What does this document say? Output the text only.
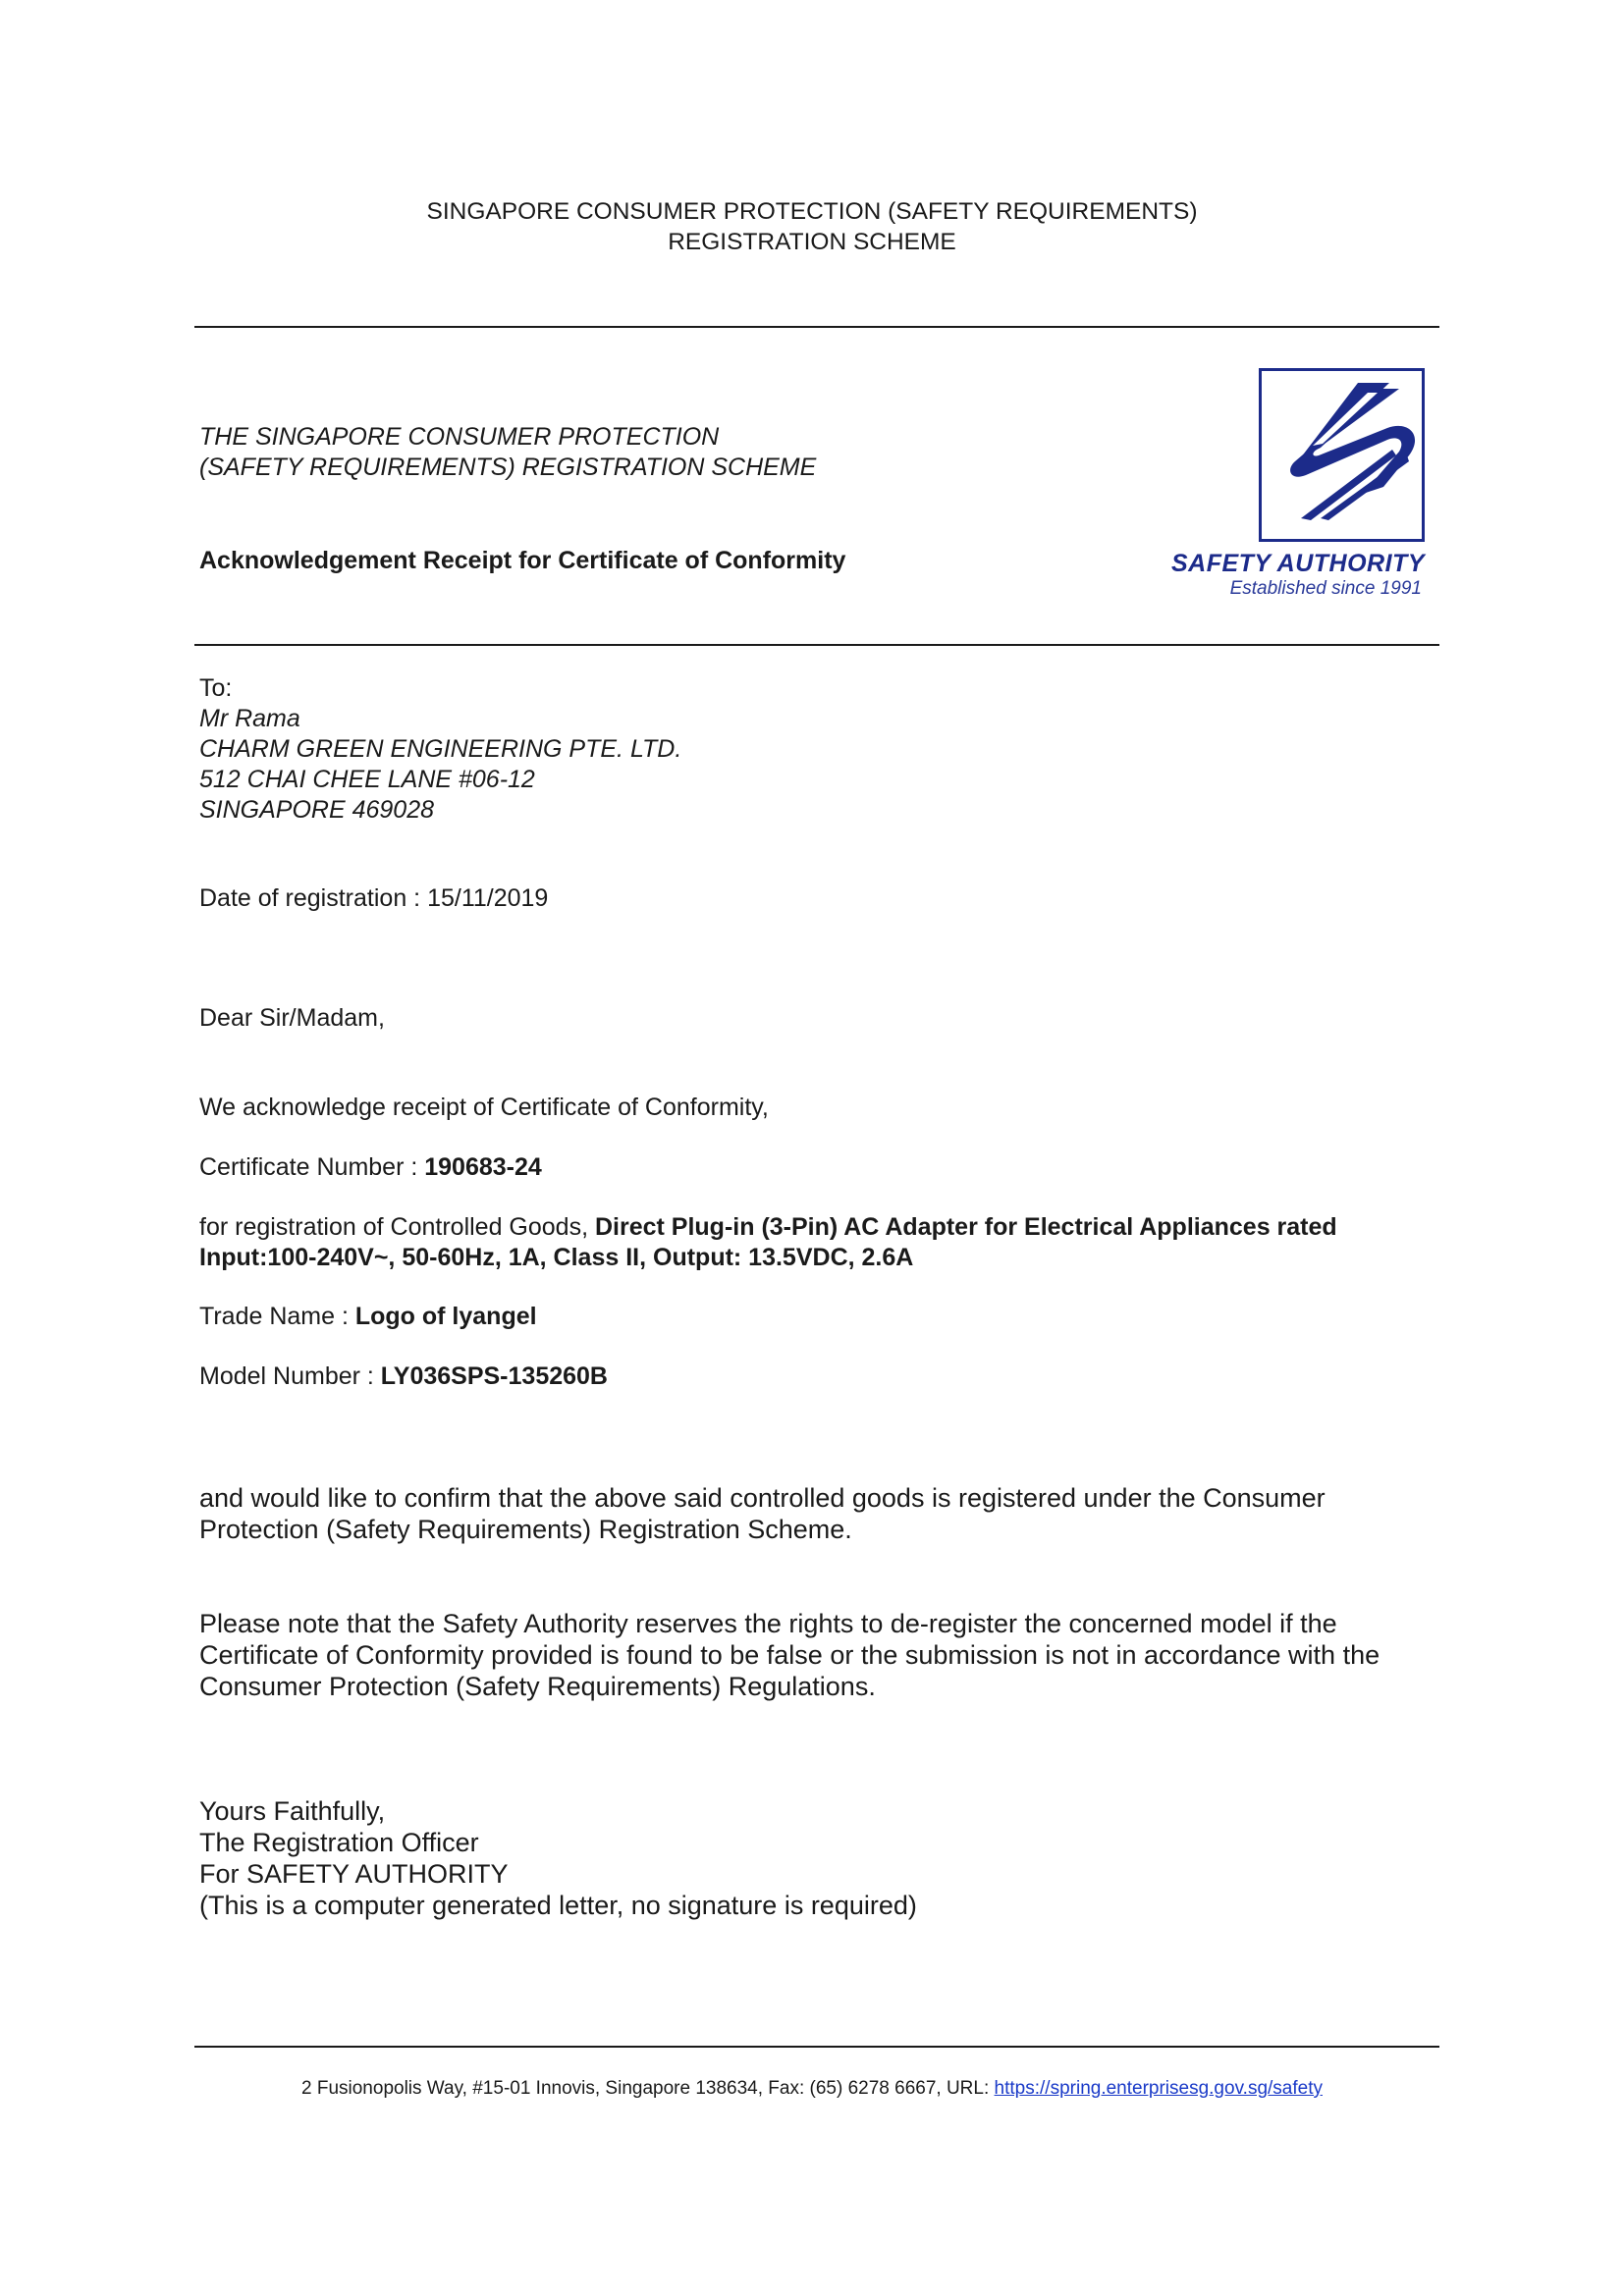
SINGAPORE CONSUMER PROTECTION (SAFETY REQUIREMENTS)
REGISTRATION SCHEME
THE SINGAPORE CONSUMER PROTECTION
(SAFETY REQUIREMENTS) REGISTRATION SCHEME
Acknowledgement Receipt for Certificate of Conformity	SAFETY AUTHORITY
Established since 1991
To:
Mr Rama
CHARM GREEN ENGINEERING PTE. LTD.
512 CHAI CHEE LANE #06-12
SINGAPORE 469028
Date of registration : 15/11/2019
Dear Sir/Madam,
We acknowledge receipt of Certificate of Conformity,
Certificate Number : 190683-24
for registration of Controlled Goods, Direct Plug-in (3-Pin) AC Adapter for Electrical Appliances rated
Input:100-240V~, 50-60Hz, 1A, Class II, Output: 13.5VDC, 2.6A
Trade Name : Logo of lyangel
Model Number : LY036SPS-135260B
and would like to confirm that the above said controlled goods is registered under the Consumer
Protection (Safety Requirements) Registration Scheme.
Please note that the Safety Authority reserves the rights to de-register the concerned model if the
Certificate of Conformity provided is found to be false or the submission is not in accordance with the
Consumer Protection (Safety Requirements) Regulations.
Yours Faithfully,
The Registration Officer
For SAFETY AUTHORITY
(This is a computer generated letter, no signature is required)
2 Fusionopolis Way, #15-01 Innovis, Singapore 138634, Fax: (65) 6278 6667, URL: https://spring.enterprisesg.gov.sg/safety
